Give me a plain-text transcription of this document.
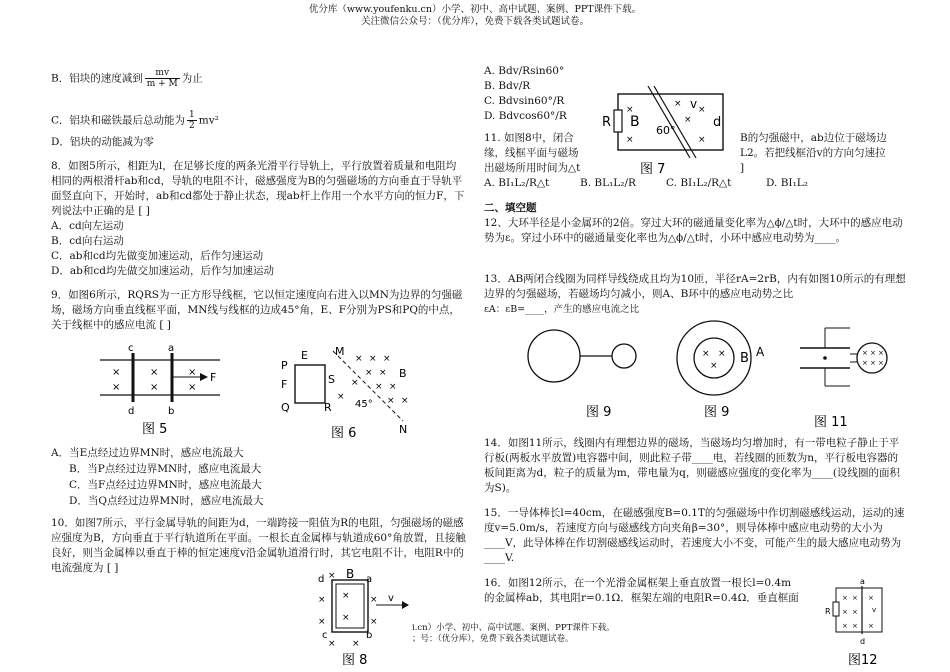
优分库（www.youfenku.cn）小学、初中、高中试题、案例、PPT课件下载。
关注微信公众号：（优分库），免费下载各类试题试卷。
B．铝块的速度减到 $\frac{mv}{m + M}$ 为止
C．铝块和磁铁最后总动能为 $\frac{1}{2} mv^2$
D．铝块的动能减为零
8．如图5所示，相距为l，在足够长度的两条光滑平行导轨上，平行放置着质量和电阻均相同的两根滑杆ab和cd，导轨的电阻不计，磁感强度为B的匀强磁场的方向垂直于导轨平面竖直向下，开始时，ab和cd都处于静止状态，现ab杆上作用一个水平方向的恒力F，下列说法中正确的是 [ ]
A．cd向左运动
B．cd向右运动
C．ab和cd均先做变加速运动，后作匀速运动
D．ab和cd均先做交加速运动，后作匀加速运动
9．如图6所示，RQRS为一正方形导线框，它以恒定速度向右进入以MN为边界的匀强磁场，磁场方向垂直线框平面，MN线与线框的边成45°角，E、F分别为PS和PQ的中点，关于线框中的感应电流 [ ]
c	a
d	b
×	×	×
×	×	×
F
图 5
E
P
F
Q
S
R
M
N
B
45°
× × ×
× ×
× ×
× ×
×
×
图 6
A．当E点经过边界MN时，感应电流最大
B．当P点经过边界MN时，感应电流最大
C．当F点经过边界MN时，感应电流最大
D．当Q点经过边界MN时，感应电流最大
10．如图7所示，平行金属导轨的间距为d，一端跨接一阻值为R的电阻，匀强磁场的磁感应强度为B，方向垂直于平行轨道所在平面。一根长直金属棒与轨道成60°角放置，且接触良好，则当金属棒以垂直于棒的恒定速度v沿金属轨道滑行时，其它电阻不计，电阻R中的电流强度为 [ ]
d
×
×
× B a
×
×
×
×
c	b
× ×
v
图 8
A. Bdv/Rsin60°
B. Bdv/R
C. Bdvsin60°/R
D. Bdvcos60°/R	R B
×
×
×
×
×
×
60°
v
d
图 7
11. 如图8中，闭合	B的匀强磁中，ab边位于磁场边
缘，线框平面与磁场	L2。若把线框沿v的方向匀速拉
出磁场所用时间为△t	]
A. BI₁L₂/R△t	B. BL₁L₂/R	C. BI₁L₂/R△t	D. BI₁L₂
二、填空题
12、大环半径是小金属环的2倍。穿过大环的磁通量变化率为△ϕ/△t时，大环中的感应电动势为ε。穿过小环中的磁通量变化率也为△ϕ/△t时，小环中感应电动势为____。
13．AB两闭合线圈为同样导线绕成且均为10匝，半径rA=2rB，内有如图10所示的有理想边界的匀强磁场，若磁场均匀减小，则A、B环中的感应电动势之比
εA：εB=____，产生的感应电流之比
图 9
× ×
× B A
图 9
× × ×
× × ×
图 11
14．如图11所示，线圈内有理想边界的磁场，当磁场均匀增加时，有一带电粒子静止于平行板(两板水平放置)电容器中间，则此粒子带____电，若线圈的匝数为n，平行板电容器的板间距离为d，粒子的质量为m，带电量为q，则磁感应强度的变化率为____(设线圈的面积为S)。
15．一导体棒长l=40cm，在磁感强度B=0.1T的匀强磁场中作切割磁感线运动，运动的速度v=5.0m/s，若速度方向与磁感线方向夹角β=30°，则导体棒中感应电动势的大小为____V，此导体棒在作切割磁感线运动时，若速度大小不变，可能产生的最大感应电动势为____V.
16．如图12所示，在一个光滑金属框架上垂直放置一根长l=0.4m
的金属棒ab，其电阻r=0.1Ω．框架左端的电阻R=0.4Ω．垂直框面
R
a
d
× × ×
× × v
× × ×
图12
i.cn）小学、初中、高中试题、案例、PPT课件下载。
；号：（优分库），免费下载各类试题试卷。
